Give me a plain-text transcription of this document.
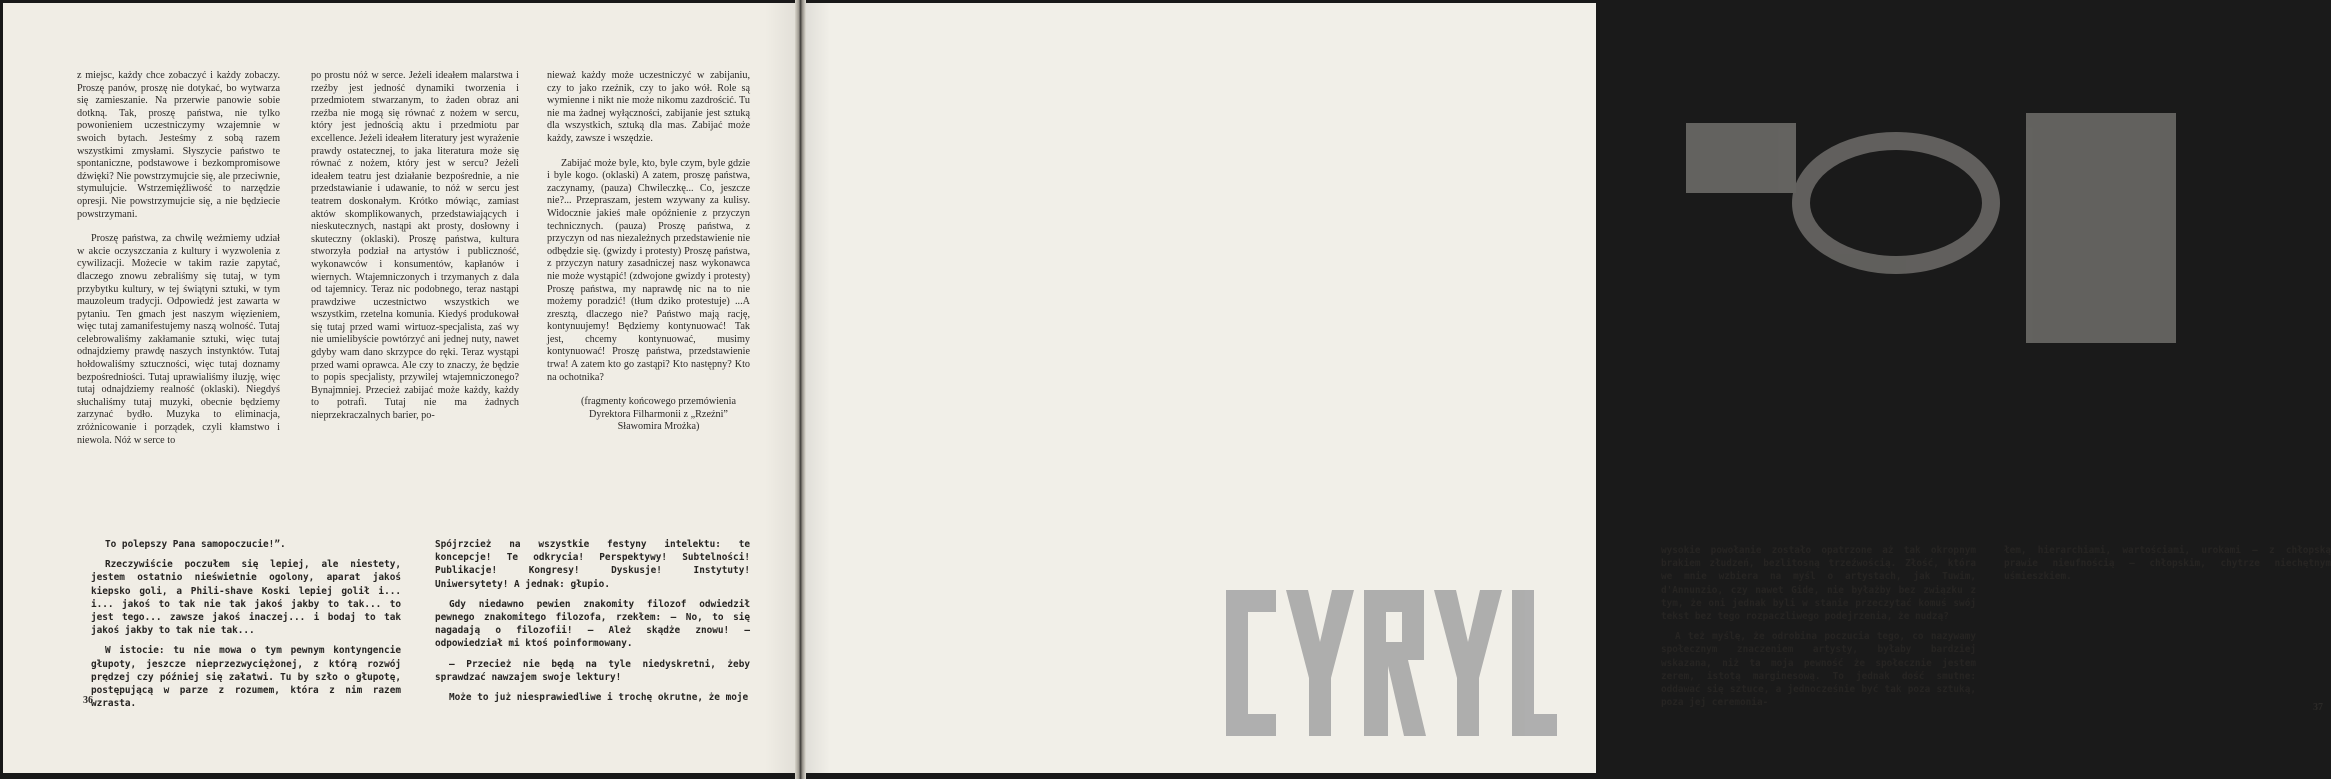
z miejsc, każdy chce zobaczyć i każdy zobaczy. Proszę panów, proszę nie dotykać, bo wytwarza się zamieszanie. Na przerwie panowie sobie dotkną. Tak, proszę państwa, nie tylko powonieniem uczestniczymy wzajemnie w swoich bytach. Jesteśmy z sobą razem wszystkimi zmysłami. Słyszycie państwo te spontaniczne, podstawowe i bezkompromisowe dźwięki? Nie powstrzymujcie się, ale przeciwnie, stymulujcie. Wstrzemięźliwość to narzędzie opresji. Nie powstrzymujcie się, a nie będziecie powstrzymani.

Proszę państwa, za chwilę weźmiemy udział w akcie oczyszczania z kultury i wyzwolenia z cywilizacji. Możecie w takim razie zapytać, dlaczego znowu zebraliśmy się tutaj, w tym przybytku kultury, w tej świątyni sztuki, w tym mauzoleum tradycji. Odpowiedź jest zawarta w pytaniu. Ten gmach jest naszym więzieniem, więc tutaj zamanifestujemy naszą wolność. Tutaj celebrowaliśmy zakłamanie sztuki, więc tutaj odnajdziemy prawdę naszych instynktów. Tutaj hołdowaliśmy sztuczności, więc tutaj doznamy bezpośredniości. Tutaj uprawialiśmy iluzję, więc tutaj odnajdziemy realność (oklaski). Niegdyś słuchaliśmy tutaj muzyki, obecnie będziemy zarzynać bydło. Muzyka to eliminacja, zróżnicowanie i porządek, czyli kłamstwo i niewola. Nóż w serce to

po prostu nóż w serce. Jeżeli ideałem malarstwa i rzeźby jest jedność dynamiki tworzenia i przedmiotem stwarzanym, to żaden obraz ani rzeźba nie mogą się równać z nożem w sercu, który jest jednością aktu i przedmiotu par excellence. Jeżeli ideałem literatury jest wyrażenie prawdy ostatecznej, to jaka literatura może się równać z nożem, który jest w sercu? Jeżeli ideałem teatru jest działanie bezpośrednie, a nie przedstawianie i udawanie, to nóż w sercu jest teatrem doskonałym. Krótko mówiąc, zamiast aktów skomplikowanych, przedstawiających i nieskutecznych, nastąpi akt prosty, dosłowny i skuteczny (oklaski). Proszę państwa, kultura stworzyła podział na artystów i publiczność, wykonawców i konsumentów, kapłanów i wiernych. Wtajemniczonych i trzymanych z dala od tajemnicy. Teraz nic podobnego, teraz nastąpi prawdziwe uczestnictwo wszystkich we wszystkim, rzetelna komunia. Kiedyś produkował się tutaj przed wami wirtuoz-specjalista, zaś wy nie umielibyście powtórzyć ani jednej nuty, nawet gdyby wam dano skrzypce do ręki. Teraz wystąpi przed wami oprawca. Ale czy to znaczy, że będzie to popis specjalisty, przywilej wtajemniczonego? Bynajmniej. Przecież zabijać może każdy, każdy to potrafi. Tutaj nie ma żadnych nieprzekraczalnych barier, po-

nieważ każdy może uczestniczyć w zabijaniu, czy to jako rzeźnik, czy to jako wół. Role są wymienne i nikt nie może nikomu zazdrościć. Tu nie ma żadnej wyłączności, zabijanie jest sztuką dla wszystkich, sztuką dla mas. Zabijać może każdy, zawsze i wszędzie.

Zabijać może byle, kto, byle czym, byle gdzie i byle kogo. (oklaski) A zatem, proszę państwa, zaczynamy, (pauza) Chwileczkę... Co, jeszcze nie?... Przepraszam, jestem wzywany za kulisy. Widocznie jakieś małe opóźnienie z przyczyn technicznych. (pauza) Proszę państwa, z przyczyn od nas niezależnych przedstawienie nie odbędzie się. (gwizdy i protesty) Proszę państwa, z przyczyn natury zasadniczej nasz wykonawca nie może wystąpić! (zdwojone gwizdy i protesty) Proszę państwa, my naprawdę nic na to nie możemy poradzić! (tłum dziko protestuje) ...A zresztą, dlaczego nie? Państwo mają rację, kontynuujemy! Będziemy kontynuować! Tak jest, chcemy kontynuować, musimy kontynuować! Proszę państwa, przedstawienie trwa! A zatem kto go zastąpi? Kto następny? Kto na ochotnika?

(fragmenty końcowego przemówienia Dyrektora Filharmonii z „Rzeźni” Sławomira Mrożka)

To polepszy Pana samopoczucie!”.

Rzeczywiście poczułem się lepiej, ale niestety, jestem ostatnio nieświetnie ogolony, aparat jakoś kiepsko goli, a Phili-shave Koski lepiej golił i... i... jakoś to tak nie tak jakoś jakby to tak... to jest tego... zawsze jakoś inaczej... i bodaj to tak jakoś jakby to tak nie tak...

W istocie: tu nie mowa o tym pewnym kontyngencie głupoty, jeszcze nieprzezwyciężonej, z którą rozwój prędzej czy później się załatwi. Tu by szło o głupotę, postępującą w parze z rozumem, która z nim razem wzrasta.

Spójrzcież na wszystkie festyny intelektu: te koncepcje! Te odkrycia! Perspektywy! Subtelności! Publikacje! Kongresy! Dyskusje! Instytuty! Uniwersytety! A jednak: głupio.

Gdy niedawno pewien znakomity filozof odwiedził pewnego znakomitego filozofa, rzekłem: — No, to się nagadają o filozofii! — Ależ skądże znowu! — odpowiedział mi ktoś poinformowany.

— Przecież nie będą na tyle niedyskretni, żeby sprawdzać nawzajem swoje lektury!

Może to już niesprawiedliwe i trochę okrutne, że moje

36

wysokie powołanie zostało opatrzone aż tak okropnym brakiem złudzeń, bezlitosną trzeźwością. Złość, która we mnie wzbiera na myśl o artystach, jak Tuwim, d'Annunzio, czy nawet Gide, nie byłażby bez związku z tym, że oni jednak byli w stanie przeczytać komuś swój tekst bez tego rozpaczliwego podejrzenia, że nudzą?

A też myślę, że odrobina poczucia tego, co nazywamy społecznym znaczeniem artysty, byłaby bardziej wskazana, niż ta moja pewność że społecznie jestem zerem, istotą marginesową. To jednak dość smutne: oddawać się sztuce, a jednocześnie być tak poza sztuką, poza jej ceremonia-

łem, hierarchiami, wartościami, urokami — z chłopską prawie nieufnością — chłopskim, chytrze niechętnym uśmieszkiem.

37
